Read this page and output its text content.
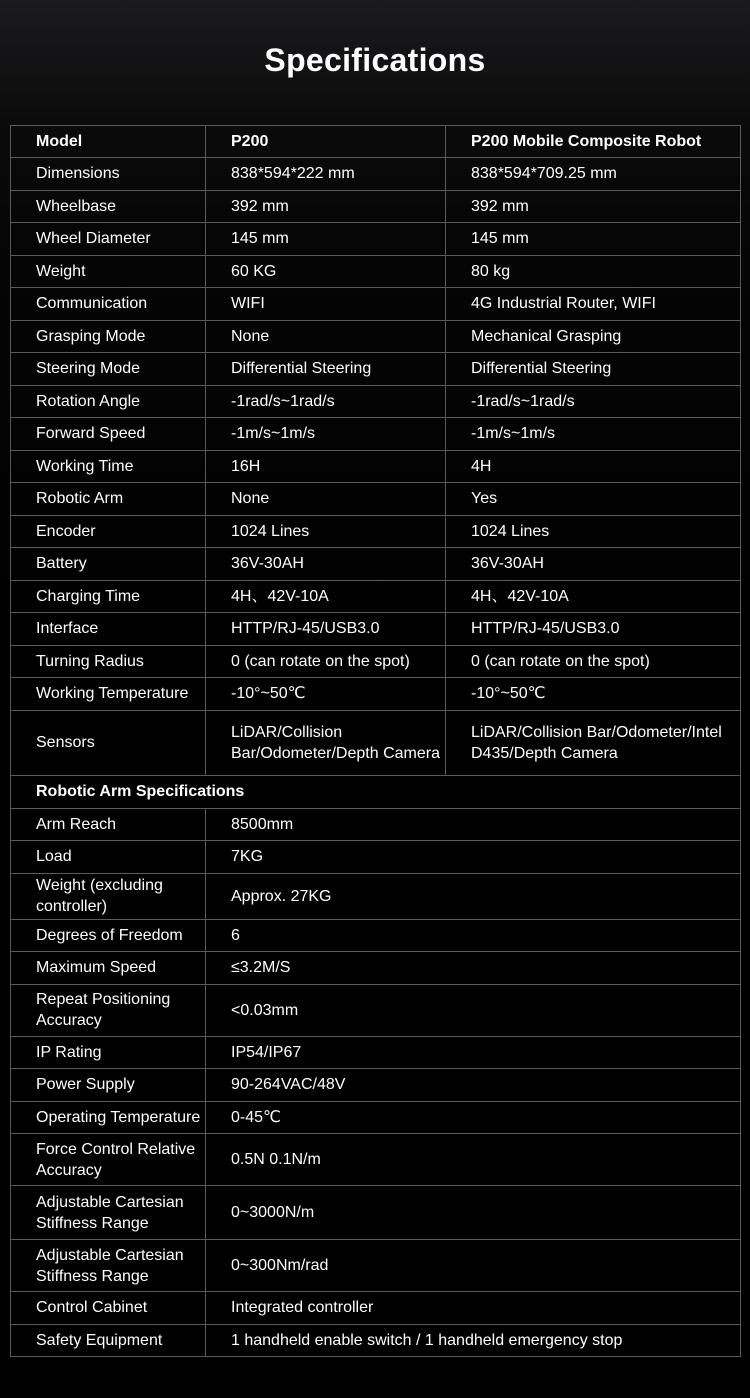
Specifications
Model	P200	P200 Mobile Composite Robot
Dimensions	838*594*222 mm	838*594*709.25 mm
Wheelbase	392 mm	392 mm
Wheel Diameter	145 mm	145 mm
Weight	60 KG	80 kg
Communication	WIFI	4G Industrial Router, WIFI
Grasping Mode	None	Mechanical Grasping
Steering Mode	Differential Steering	Differential Steering
Rotation Angle	-1rad/s~1rad/s	-1rad/s~1rad/s
Forward Speed	-1m/s~1m/s	-1m/s~1m/s
Working Time	16H	4H
Robotic Arm	None	Yes
Encoder	1024 Lines	1024 Lines
Battery	36V-30AH	36V-30AH
Charging Time	4H、42V-10A	4H、42V-10A
Interface	HTTP/RJ-45/USB3.0	HTTP/RJ-45/USB3.0
Turning Radius	0 (can rotate on the spot)	0 (can rotate on the spot)
Working Temperature	-10°~50℃	-10°~50℃
Sensors	LiDAR/Collision Bar/Odometer/Depth Camera	LiDAR/Collision Bar/Odometer/Intel D435/Depth Camera
Robotic Arm Specifications		
Arm Reach	8500mm	
Load	7KG	
Weight (excluding controller)	Approx. 27KG	
Degrees of Freedom	6	
Maximum Speed	≤3.2M/S	
Repeat Positioning Accuracy	<0.03mm	
IP Rating	IP54/IP67	
Power Supply	90-264VAC/48V	
Operating Temperature	0-45℃	
Force Control Relative Accuracy	0.5N 0.1N/m	
Adjustable Cartesian Stiffness Range	0~3000N/m	
Adjustable Cartesian Stiffness Range	0~300Nm/rad	
Control Cabinet	Integrated controller	
Safety Equipment	1 handheld enable switch / 1 handheld emergency stop	
